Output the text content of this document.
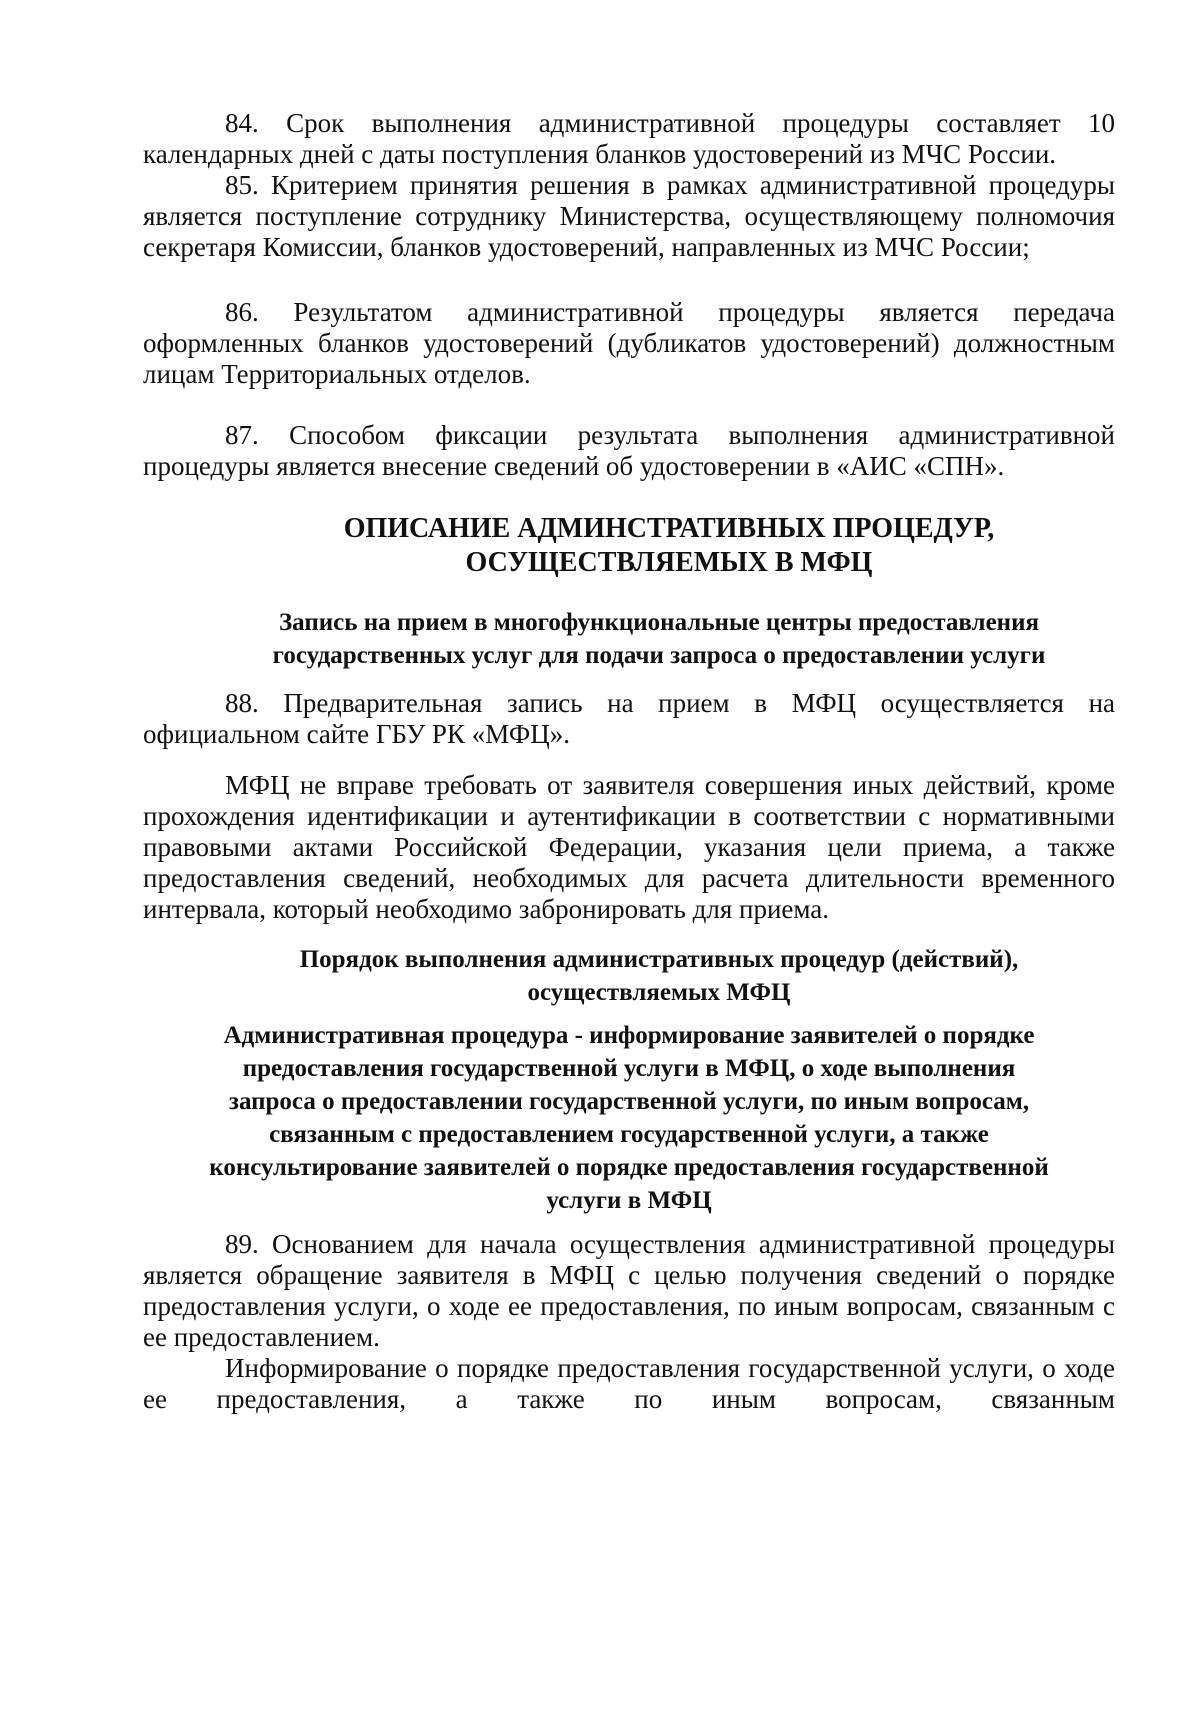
84. Срок выполнения административной процедуры составляет 10 календарных дней с даты поступления бланков удостоверений из МЧС России.

85. Критерием принятия решения в рамках административной процедуры является поступление сотруднику Министерства, осуществляющему полномочия секретаря Комиссии, бланков удостоверений, направленных из МЧС России;

86. Результатом административной процедуры является передача оформленных бланков удостоверений (дубликатов удостоверений) должностным лицам Территориальных отделов.

87. Способом фиксации результата выполнения административной процедуры является внесение сведений об удостоверении в «АИС «СПН».

ОПИСАНИЕ АДМИНСТРАТИВНЫХ ПРОЦЕДУР,
ОСУЩЕСТВЛЯЕМЫХ В МФЦ
Запись на прием в многофункциональные центры предоставления
государственных услуг для подачи запроса о предоставлении услуги

88. Предварительная запись на прием в МФЦ осуществляется на официальном сайте ГБУ РК «МФЦ».

МФЦ не вправе требовать от заявителя совершения иных действий, кроме прохождения идентификации и аутентификации в соответствии с нормативными правовыми актами Российской Федерации, указания цели приема, а также предоставления сведений, необходимых для расчета длительности временного интервала, который необходимо забронировать для приема.

Порядок выполнения административных процедур (действий),
осуществляемых МФЦ
Административная процедура - информирование заявителей о порядке
предоставления государственной услуги в МФЦ, о ходе выполнения
запроса о предоставлении государственной услуги, по иным вопросам,
связанным с предоставлением государственной услуги, а также
консультирование заявителей о порядке предоставления государственной
услуги в МФЦ

89. Основанием для начала осуществления административной процедуры является обращение заявителя в МФЦ с целью получения сведений о порядке предоставления услуги, о ходе ее предоставления, по иным вопросам, связанным с ее предоставлением.

Информирование о порядке предоставления государственной услуги, о ходе ее предоставления, а также по иным вопросам, связанным
